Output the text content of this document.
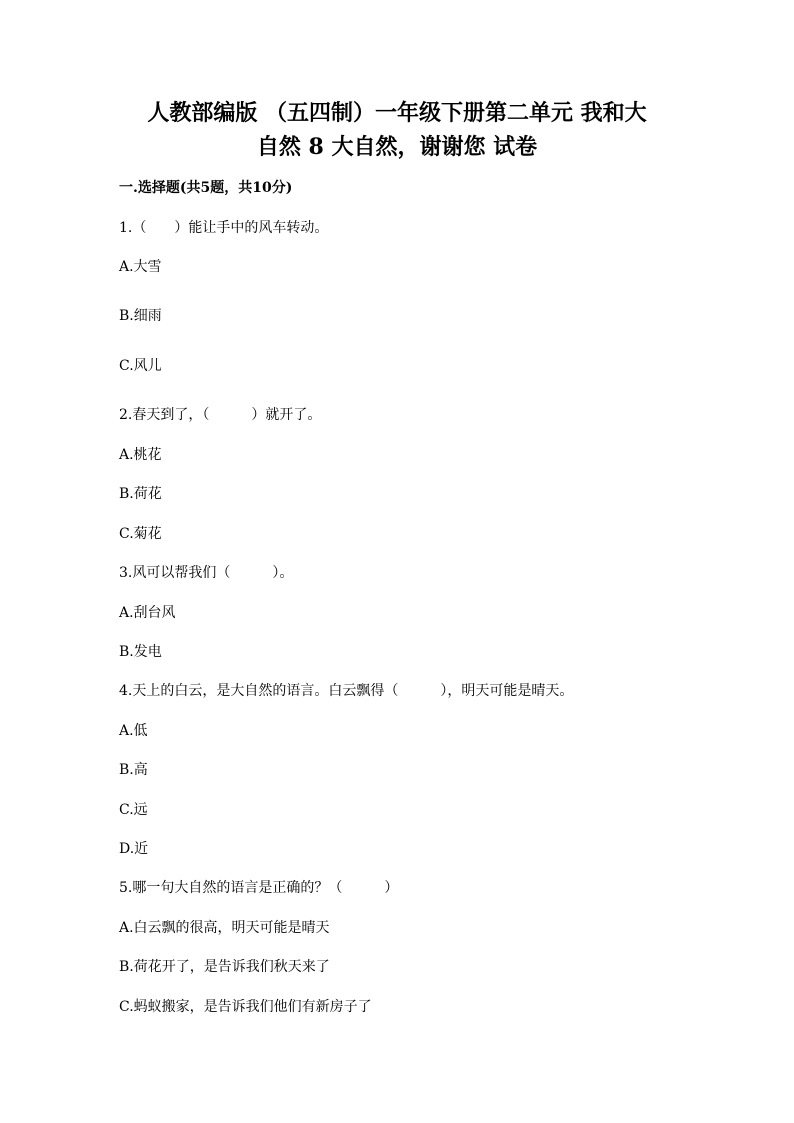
人教部编版 （五四制）一年级下册第二单元 我和大
自然 8 大自然，谢谢您 试卷
一.选择题(共5题，共10分)
1.（　　）能让手中的风车转动。
A.大雪
B.细雨
C.风儿
2.春天到了，（　　　）就开了。
A.桃花
B.荷花
C.菊花
3.风可以帮我们（　　　）。
A.刮台风
B.发电
4.天上的白云，是大自然的语言。白云飘得（　　　），明天可能是晴天。
A.低
B.高
C.远
D.近
5.哪一句大自然的语言是正确的？（　　　）
A.白云飘的很高，明天可能是晴天
B.荷花开了，是告诉我们秋天来了
C.蚂蚁搬家，是告诉我们他们有新房子了
